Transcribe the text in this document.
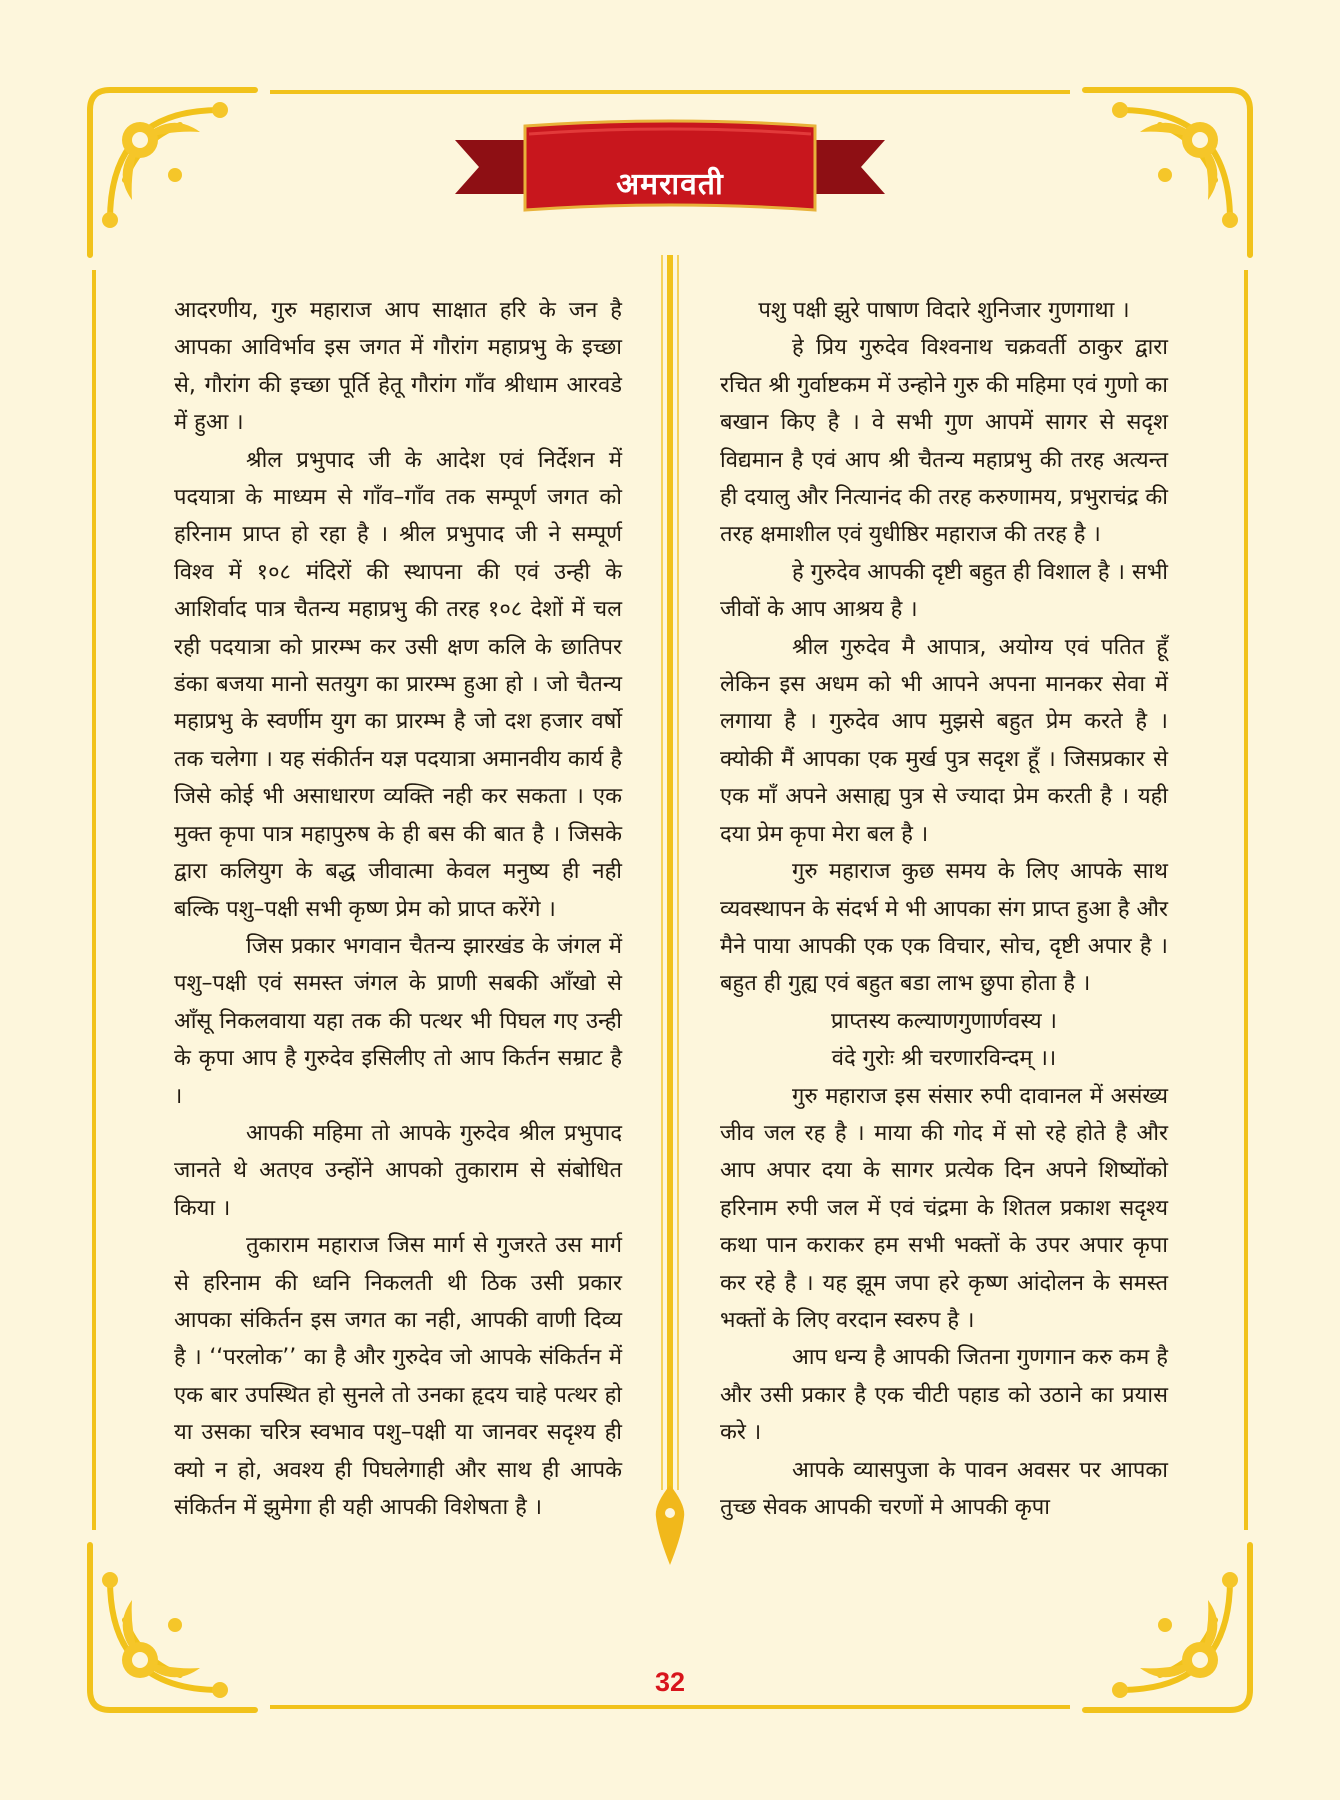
अमरावती

आदरणीय, गुरु महाराज आप साक्षात हरि के जन है आपका आविर्भाव इस जगत में गौरांग महाप्रभु के इच्छा से, गौरांग की इच्छा पूर्ति हेतू गौरांग गाँव श्रीधाम आरवडे में हुआ ।

श्रील प्रभुपाद जी के आदेश एवं निर्देशन में पदयात्रा के माध्यम से गाँव–गाँव तक सम्पूर्ण जगत को हरिनाम प्राप्त हो रहा है । श्रील प्रभुपाद जी ने सम्पूर्ण विश्व में १०८ मंदिरों की स्थापना की एवं उन्ही के आशिर्वाद पात्र चैतन्य महाप्रभु की तरह १०८ देशों में चल रही पदयात्रा को प्रारम्भ कर उसी क्षण कलि के छातिपर डंका बजया मानो सतयुग का प्रारम्भ हुआ हो । जो चैतन्य महाप्रभु के स्वर्णीम युग का प्रारम्भ है जो दश हजार वर्षो तक चलेगा । यह संकीर्तन यज्ञ पदयात्रा अमानवीय कार्य है जिसे कोई भी असाधारण व्यक्ति नही कर सकता । एक मुक्त कृपा पात्र महापुरुष के ही बस की बात है । जिसके द्वारा कलियुग के बद्ध जीवात्मा केवल मनुष्य ही नही बल्कि पशु–पक्षी सभी कृष्ण प्रेम को प्राप्त करेंगे ।

जिस प्रकार भगवान चैतन्य झारखंड के जंगल में पशु–पक्षी एवं समस्त जंगल के प्राणी सबकी आँखो से आँसू निकलवाया यहा तक की पत्थर भी पिघल गए उन्ही के कृपा आप है गुरुदेव इसिलीए तो आप किर्तन सम्राट है ।

आपकी महिमा तो आपके गुरुदेव श्रील प्रभुपाद जानते थे अतएव उन्होंने आपको तुकाराम से संबोधित किया ।

तुकाराम महाराज जिस मार्ग से गुजरते उस मार्ग से हरिनाम की ध्वनि निकलती थी ठिक उसी प्रकार आपका संकिर्तन इस जगत का नही, आपकी वाणी दिव्य है । ‘‘परलोक’’ का है और गुरुदेव जो आपके संकिर्तन में एक बार उपस्थित हो सुनले तो उनका हृदय चाहे पत्थर हो या उसका चरित्र स्वभाव पशु–पक्षी या जानवर सदृश्य ही क्यो न हो, अवश्य ही पिघलेगाही और साथ ही आपके संकिर्तन में झुमेगा ही यही आपकी विशेषता है ।

पशु पक्षी झुरे पाषाण विदारे शुनिजार गुणगाथा ।

हे प्रिय गुरुदेव विश्वनाथ चक्रवर्ती ठाकुर द्वारा रचित श्री गुर्वाष्टकम में उन्होने गुरु की महिमा एवं गुणो का बखान किए है । वे सभी गुण आपमें सागर से सदृश विद्यमान है एवं आप श्री चैतन्य महाप्रभु की तरह अत्यन्त ही दयालु और नित्यानंद की तरह करुणामय, प्रभुराचंद्र की तरह क्षमाशील एवं युधीष्ठिर महाराज की तरह है ।

हे गुरुदेव आपकी दृष्टी बहुत ही विशाल है । सभी जीवों के आप आश्रय है ।

श्रील गुरुदेव मै आपात्र, अयोग्य एवं पतित हूँ लेकिन इस अधम को भी आपने अपना मानकर सेवा में लगाया है । गुरुदेव आप मुझसे बहुत प्रेम करते है । क्योकी मैं आपका एक मुर्ख पुत्र सदृश हूँ । जिसप्रकार से एक माँ अपने असाह्य पुत्र से ज्यादा प्रेम करती है । यही दया प्रेम कृपा मेरा बल है ।

गुरु महाराज कुछ समय के लिए आपके साथ व्यवस्थापन के संदर्भ मे भी आपका संग प्राप्त हुआ है और मैने पाया आपकी एक एक विचार, सोच, दृष्टी अपार है । बहुत ही गुह्य एवं बहुत बडा लाभ छुपा होता है ।

प्राप्तस्य कल्याणगुणार्णवस्य ।

वंदे गुरोः श्री चरणारविन्दम् ।।

गुरु महाराज इस संसार रुपी दावानल में असंख्य जीव जल रह है । माया की गोद में सो रहे होते है और आप अपार दया के सागर प्रत्येक दिन अपने शिष्योंको हरिनाम रुपी जल में एवं चंद्रमा के शितल प्रकाश सदृश्य कथा पान कराकर हम सभी भक्तों के उपर अपार कृपा कर रहे है । यह झूम जपा हरे कृष्ण आंदोलन के समस्त भक्तों के लिए वरदान स्वरुप है ।

आप धन्य है आपकी जितना गुणगान करु कम है और उसी प्रकार है एक चीटी पहाड को उठाने का प्रयास करे ।

आपके व्यासपुजा के पावन अवसर पर आपका तुच्छ सेवक आपकी चरणों मे आपकी कृपा

32
